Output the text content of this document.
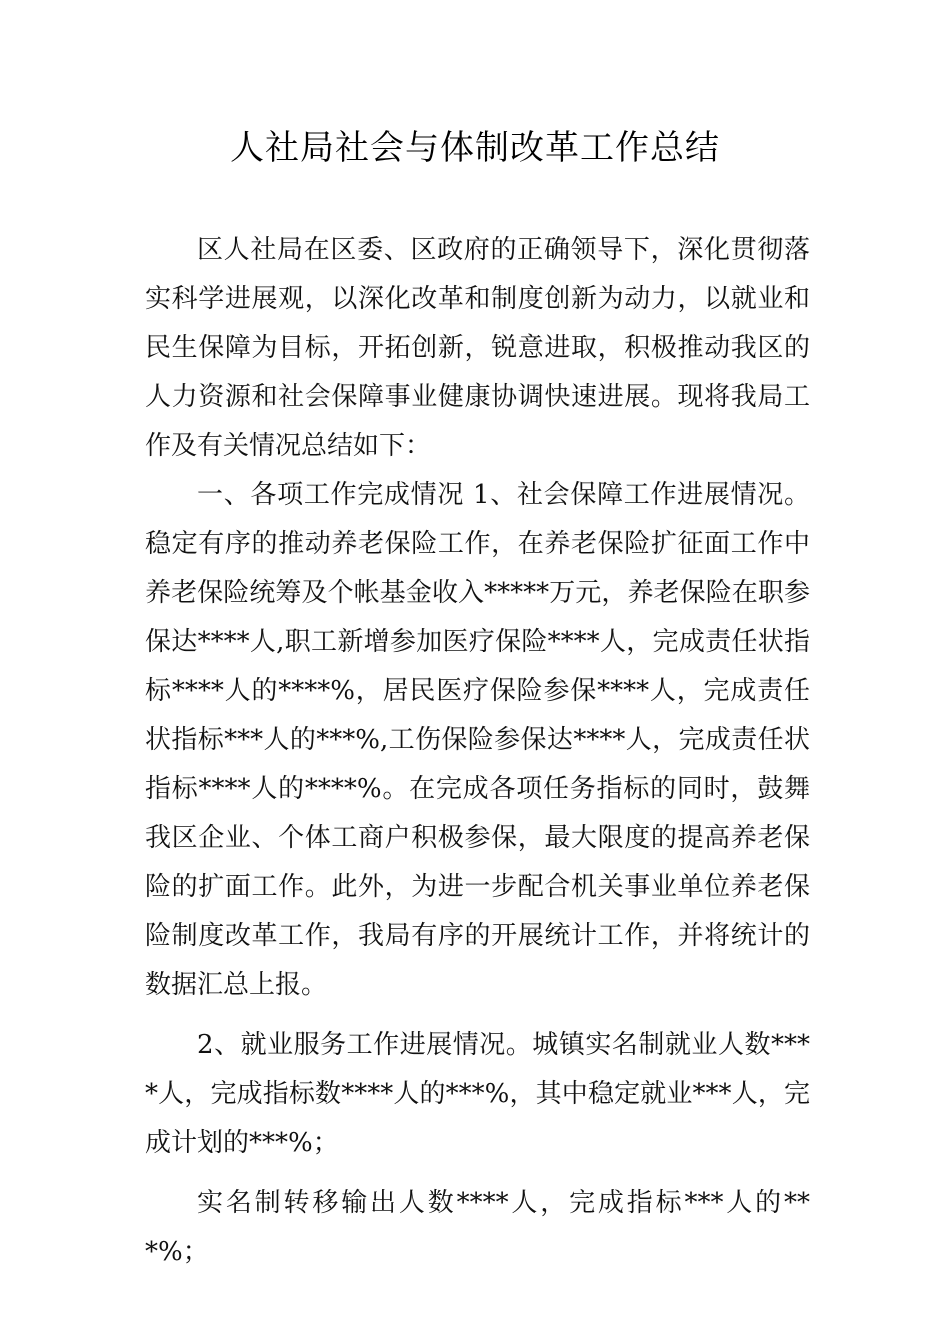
人社局社会与体制改革工作总结

区人社局在区委、区政府的正确领导下，深化贯彻落实科学进展观，以深化改革和制度创新为动力，以就业和民生保障为目标，开拓创新，锐意进取，积极推动我区的人力资源和社会保障事业健康协调快速进展。现将我局工作及有关情况总结如下：

一、各项工作完成情况 1、社会保障工作进展情况。稳定有序的推动养老保险工作，在养老保险扩征面工作中养老保险统筹及个帐基金收入*****万元，养老保险在职参保达****人,职工新增参加医疗保险****人，完成责任状指标****人的****%，居民医疗保险参保****人，完成责任状指标***人的***%,工伤保险参保达****人，完成责任状指标****人的****%。在完成各项任务指标的同时，鼓舞我区企业、个体工商户积极参保，最大限度的提高养老保险的扩面工作。此外，为进一步配合机关事业单位养老保险制度改革工作，我局有序的开展统计工作，并将统计的数据汇总上报。

2、就业服务工作进展情况。城镇实名制就业人数****人，完成指标数****人的***%，其中稳定就业***人，完成计划的***%；

实名制转移输出人数****人，完成指标***人的***%；
